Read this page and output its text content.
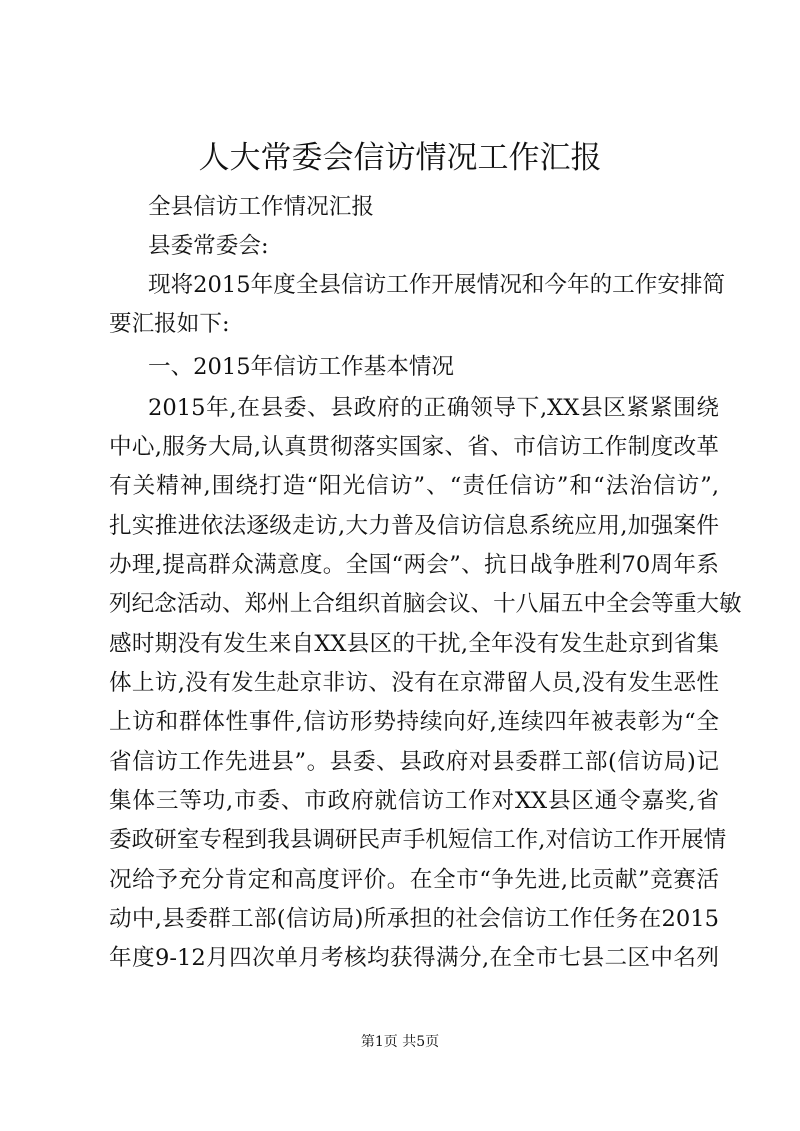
人大常委会信访情况工作汇报
全县信访工作情况汇报
县委常委会:
现将2015年度全县信访工作开展情况和今年的工作安排简
要汇报如下:
一、2015年信访工作基本情况
2015年,在县委、县政府的正确领导下,XX县区紧紧围绕
中心,服务大局,认真贯彻落实国家、省、市信访工作制度改革
有关精神,围绕打造“阳光信访”、“责任信访”和“法治信访”,
扎实推进依法逐级走访,大力普及信访信息系统应用,加强案件
办理,提高群众满意度。全国“两会”、抗日战争胜利70周年系
列纪念活动、郑州上合组织首脑会议、十八届五中全会等重大敏
感时期没有发生来自XX县区的干扰,全年没有发生赴京到省集
体上访,没有发生赴京非访、没有在京滞留人员,没有发生恶性
上访和群体性事件,信访形势持续向好,连续四年被表彰为“全
省信访工作先进县”。县委、县政府对县委群工部(信访局)记
集体三等功,市委、市政府就信访工作对XX县区通令嘉奖,省
委政研室专程到我县调研民声手机短信工作,对信访工作开展情
况给予充分肯定和高度评价。在全市“争先进,比贡献”竞赛活
动中,县委群工部(信访局)所承担的社会信访工作任务在2015
年度9-12月四次单月考核均获得满分,在全市七县二区中名列
第1页 共5页
